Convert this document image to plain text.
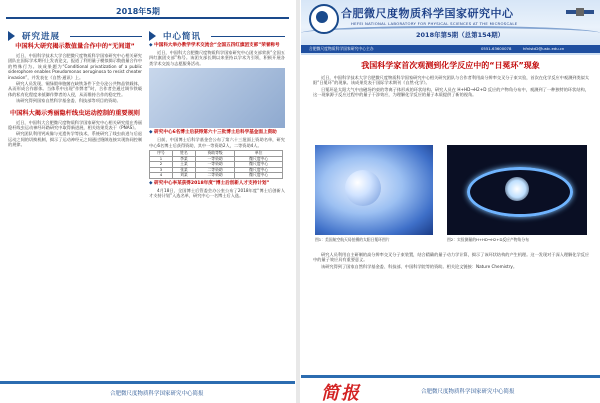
2018年5期
研究进展
中国科大研究揭示数值量合作中的“无间道”

近日，中国科学技术大学合肥微尺度物质科学国家研究中心相关研究团队在国际学术期刊上发表论文，报道了利用量子模拟揭示数值量合作中的特殊行为。该成果题为“Conditional privatization of a public siderophore enables Pseudomonas aeruginosa to resist cheater invasion”，并发表在《自然·通讯》上。

研究人员发现，铜绿假单胞菌在缺铁条件下会分泌公共物品铁载体，从而形成合作群体。当体系中出现“作弊者”时，合作者会通过调节铁载体的私有化程度来抵御作弊者的入侵，从而维持合作的稳定性。

该研究得到国家自然科学基金委、科技部等项目的资助。

中国科大揭示秀丽隐杆线虫运动控制的重要规则

近日，中国科大合肥微尺度物质科学国家研究中心相关研究组在秀丽隐杆线虫运动神经环路研究中取得新进展，相关结果发表于《PNAS》。

研究团队利用钙成像与光遗传学等技术，系统研究了线虫前进与后退运动之间的切换机制，揭示了运动神经元之间通过缝隙连接实现协同控制的规律。

中心简讯
◆ 中国科大举办教学学术交流会“全国五四红旗团支部”荣誉称号

近日，中国科大合肥微尺度物质科学国家研究中心团支部荣获“全国五四红旗团支部”称号。该团支部长期以来坚持以学术为引领，积极开展各类学术交流与志愿服务活动。

◆ 研究中心6名博士后获得第六十三批博士后科学基金面上资助

日前，中国博士后科学基金会公布了第六十三批面上资助名单，研究中心6名博士后获得资助，其中一等资助2人，二等资助4人。

序号	姓名	资助等级	单位
1	李某	一等资助	微尺度中心
2	王某	一等资助	微尺度中心
3	张某	二等资助	微尺度中心
4	刘某	二等资助	微尺度中心
◆ 研究中心李某获得2018年度“博士后创新人才支持计划”

4月18日，全国博士后管委会办公室公布了2018年度“博士后创新人才支持计划”入选名单，研究中心一名博士后入选。

合肥微尺度物质科学国家研究中心简报
合肥微尺度物质科学国家研究中心
HEFEI NATIONAL LABORATORY FOR PHYSICAL SCIENCES AT THE MICROSCALE
2018年第5期（总第154期）
合肥微尺度物质科学国家研究中心主办	0551-63600078	hfnlstd2@ustc.edu.cn
我国科学家首次观测到化学反应中的“日冕环”现象

近日，中国科学技术大学合肥微尺度物质科学国家研究中心相关研究团队与合作者利用高分辨率交叉分子束实验，首次在化学反应中观测到类似太阳“日冕环”的现象。该成果发表于国际学术期刊《自然·化学》。

日冕环是太阳大气中由磁场约束的等离子体形成的环状结构。研究人员在 H+HD→H2+D 反应的产物角分布中，观测到了一种独特的环状结构，这一现象源于反应过程中的量子干涉效应，为理解化学反应的量子本质提供了新的视角。

图1：美国航空航天局拍摄的太阳日冕环图片	图2：实验测量的H+HD→H2+D反应产物角分布

研究人员利用自主研制的高分辨率交叉分子束装置，结合精确的量子动力学计算，揭示了该环状结构的产生机理。这一发现对于深入理解化学反应中的量子效应具有重要意义。

该研究得到了国家自然科学基金委、科技部、中国科学院等的资助。相关论文链接：Nature Chemistry。

简报	合肥微尺度物质科学国家研究中心简报
